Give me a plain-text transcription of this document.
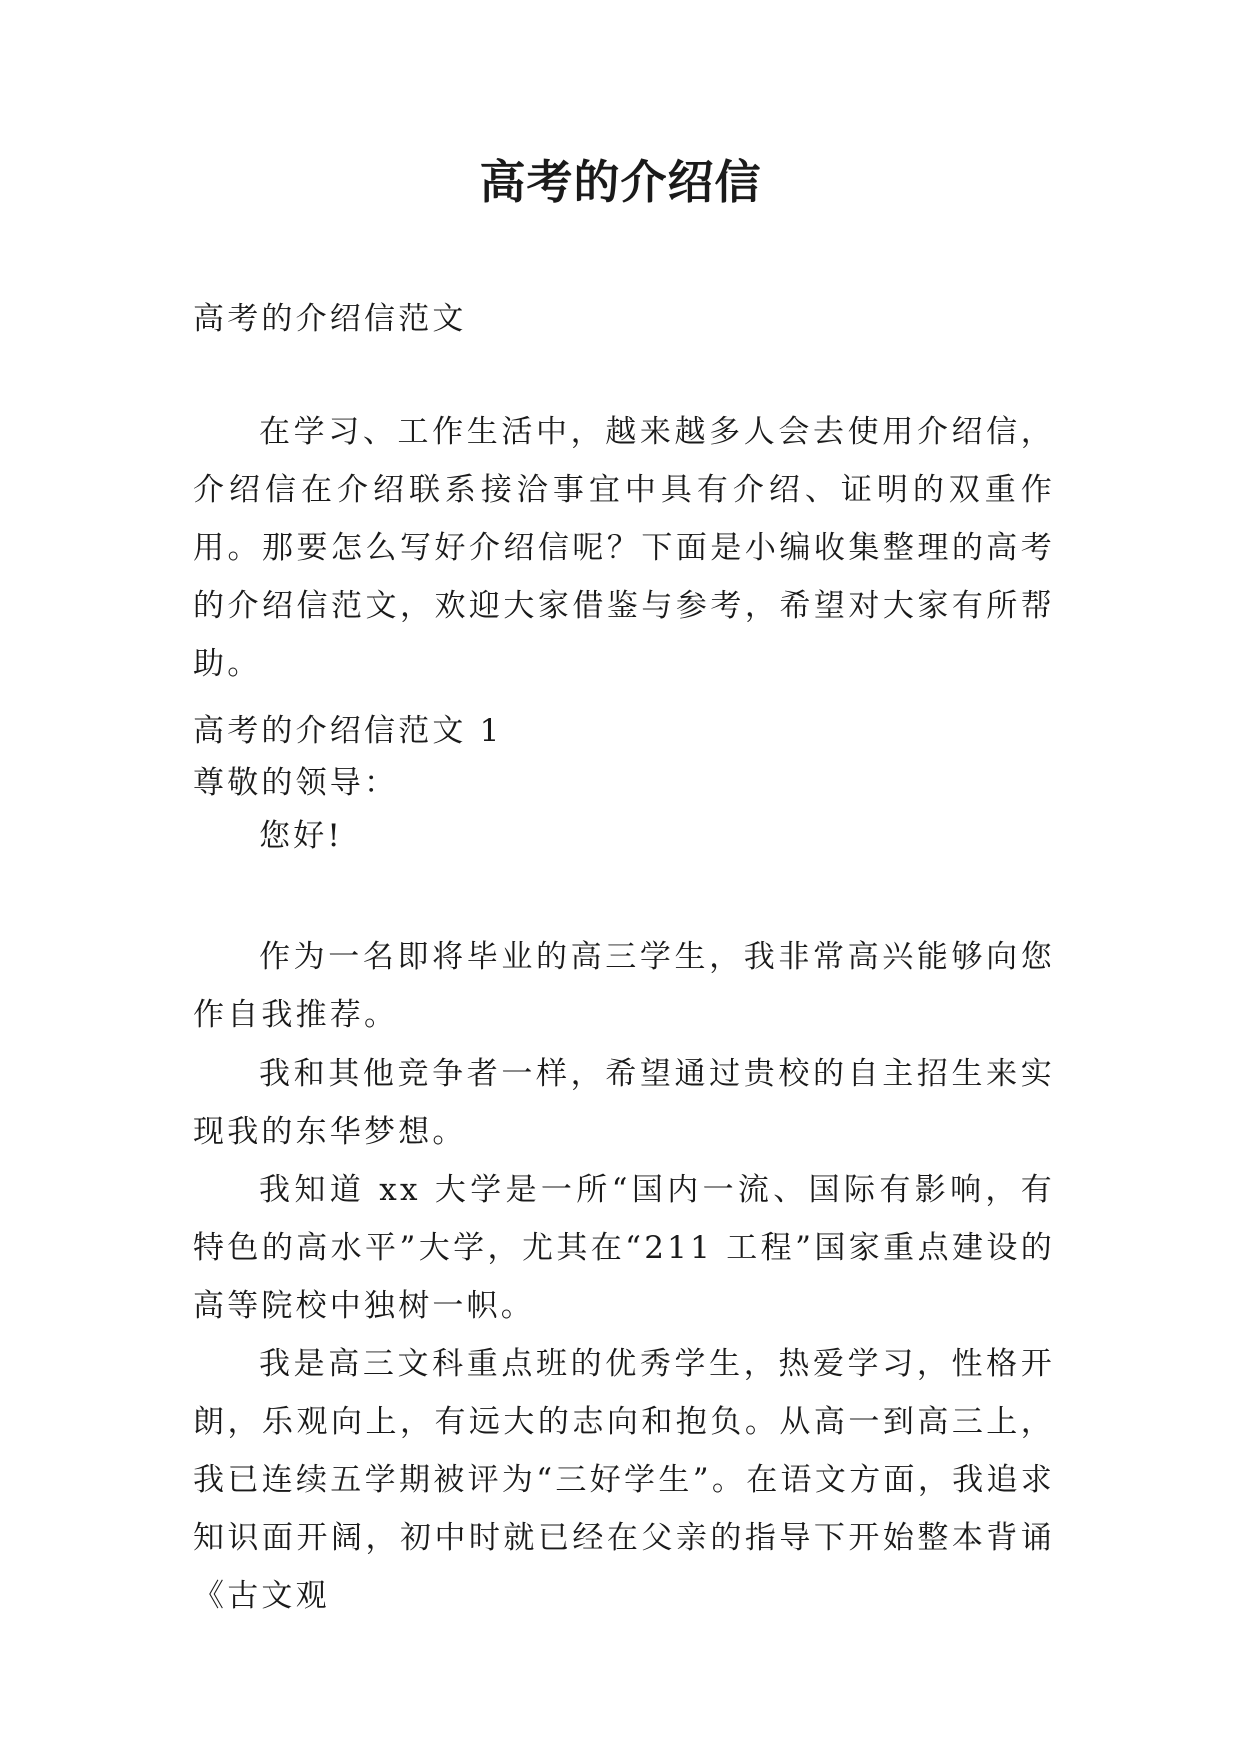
高考的介绍信
高考的介绍信范文
在学习、工作生活中，越来越多人会去使用介绍信，介绍信在介绍联系接洽事宜中具有介绍、证明的双重作用。那要怎么写好介绍信呢？下面是小编收集整理的高考的介绍信范文，欢迎大家借鉴与参考，希望对大家有所帮助。
高考的介绍信范文 1
尊敬的领导：
您好!
作为一名即将毕业的高三学生，我非常高兴能够向您作自我推荐。
我和其他竞争者一样，希望通过贵校的自主招生来实现我的东华梦想。
我知道 xx 大学是一所“国内一流、国际有影响，有特色的高水平”大学，尤其在“211 工程”国家重点建设的高等院校中独树一帜。
我是高三文科重点班的优秀学生，热爱学习，性格开朗，乐观向上，有远大的志向和抱负。从高一到高三上，我已连续五学期被评为“三好学生”。在语文方面，我追求知识面开阔，初中时就已经在父亲的指导下开始整本背诵《古文观
